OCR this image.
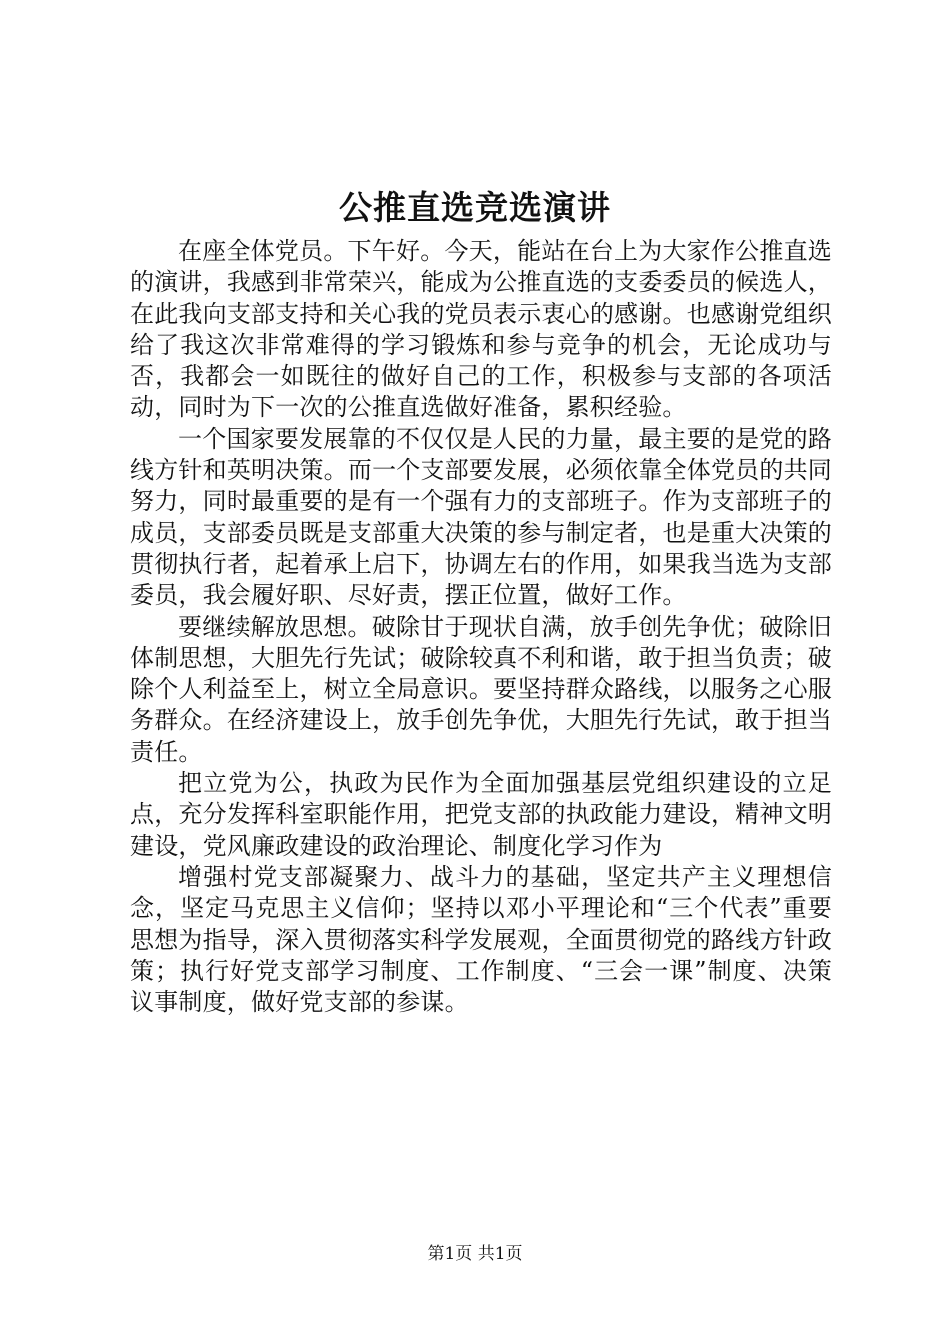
公推直选竞选演讲

在座全体党员。下午好。今天，能站在台上为大家作公推直选的演讲，我感到非常荣兴，能成为公推直选的支委委员的候选人，在此我向支部支持和关心我的党员表示衷心的感谢。也感谢党组织给了我这次非常难得的学习锻炼和参与竞争的机会，无论成功与否，我都会一如既往的做好自己的工作，积极参与支部的各项活动，同时为下一次的公推直选做好准备，累积经验。

一个国家要发展靠的不仅仅是人民的力量，最主要的是党的路线方针和英明决策。而一个支部要发展，必须依靠全体党员的共同努力，同时最重要的是有一个强有力的支部班子。作为支部班子的成员，支部委员既是支部重大决策的参与制定者，也是重大决策的贯彻执行者，起着承上启下，协调左右的作用，如果我当选为支部委员，我会履好职、尽好责，摆正位置，做好工作。

要继续解放思想。破除甘于现状自满，放手创先争优；破除旧体制思想，大胆先行先试；破除较真不利和谐，敢于担当负责；破除个人利益至上，树立全局意识。要坚持群众路线，以服务之心服务群众。在经济建设上，放手创先争优，大胆先行先试，敢于担当责任。

把立党为公，执政为民作为全面加强基层党组织建设的立足点，充分发挥科室职能作用，把党支部的执政能力建设，精神文明建设，党风廉政建设的政治理论、制度化学习作为

增强村党支部凝聚力、战斗力的基础，坚定共产主义理想信念，坚定马克思主义信仰；坚持以邓小平理论和“三个代表”重要思想为指导，深入贯彻落实科学发展观，全面贯彻党的路线方针政策；执行好党支部学习制度、工作制度、“三会一课”制度、决策议事制度，做好党支部的参谋。

第1页 共1页
